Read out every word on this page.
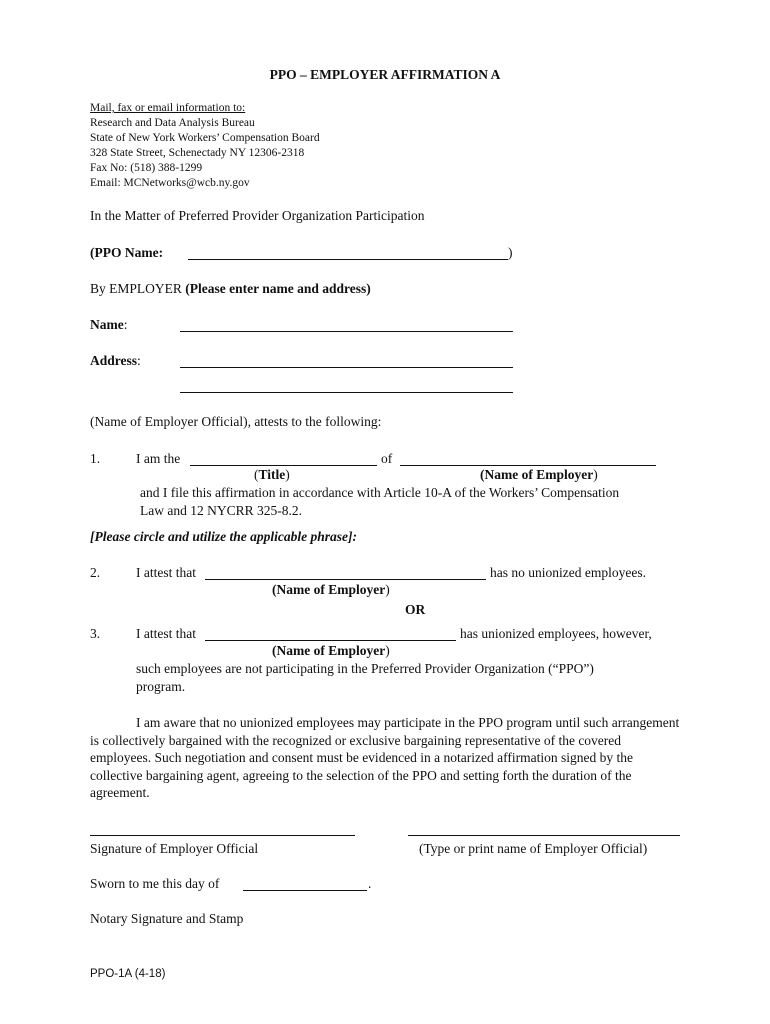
PPO – EMPLOYER AFFIRMATION A
Mail, fax or email information to:
Research and Data Analysis Bureau
State of New York Workers’ Compensation Board
328 State Street, Schenectady NY 12306-2318
Fax No: (518) 388-1299
Email: MCNetworks@wcb.ny.gov
In the Matter of Preferred Provider Organization Participation
(PPO Name:	)
By EMPLOYER (Please enter name and address)
Name:
Address:
(Name of Employer Official), attests to the following:
1.	I am the	of
(Title)	(Name of Employer)
and I file this affirmation in accordance with Article 10-A of the Workers’ Compensation
Law and 12 NYCRR 325-8.2.
[Please circle and utilize the applicable phrase]:
2.	I attest that	has no unionized employees.
(Name of Employer)
OR
3.	I attest that	has unionized employees, however,
(Name of Employer)
such employees are not participating in the Preferred Provider Organization (“PPO”)
program.
I am aware that no unionized employees may participate in the PPO program until such arrangement is collectively bargained with the recognized or exclusive bargaining representative of the covered employees. Such negotiation and consent must be evidenced in a notarized affirmation signed by the collective bargaining agent, agreeing to the selection of the PPO and setting forth the duration of the agreement.
Signature of Employer Official	(Type or print name of Employer Official)
Sworn to me this day of	.
Notary Signature and Stamp
PPO-1A (4-18)
